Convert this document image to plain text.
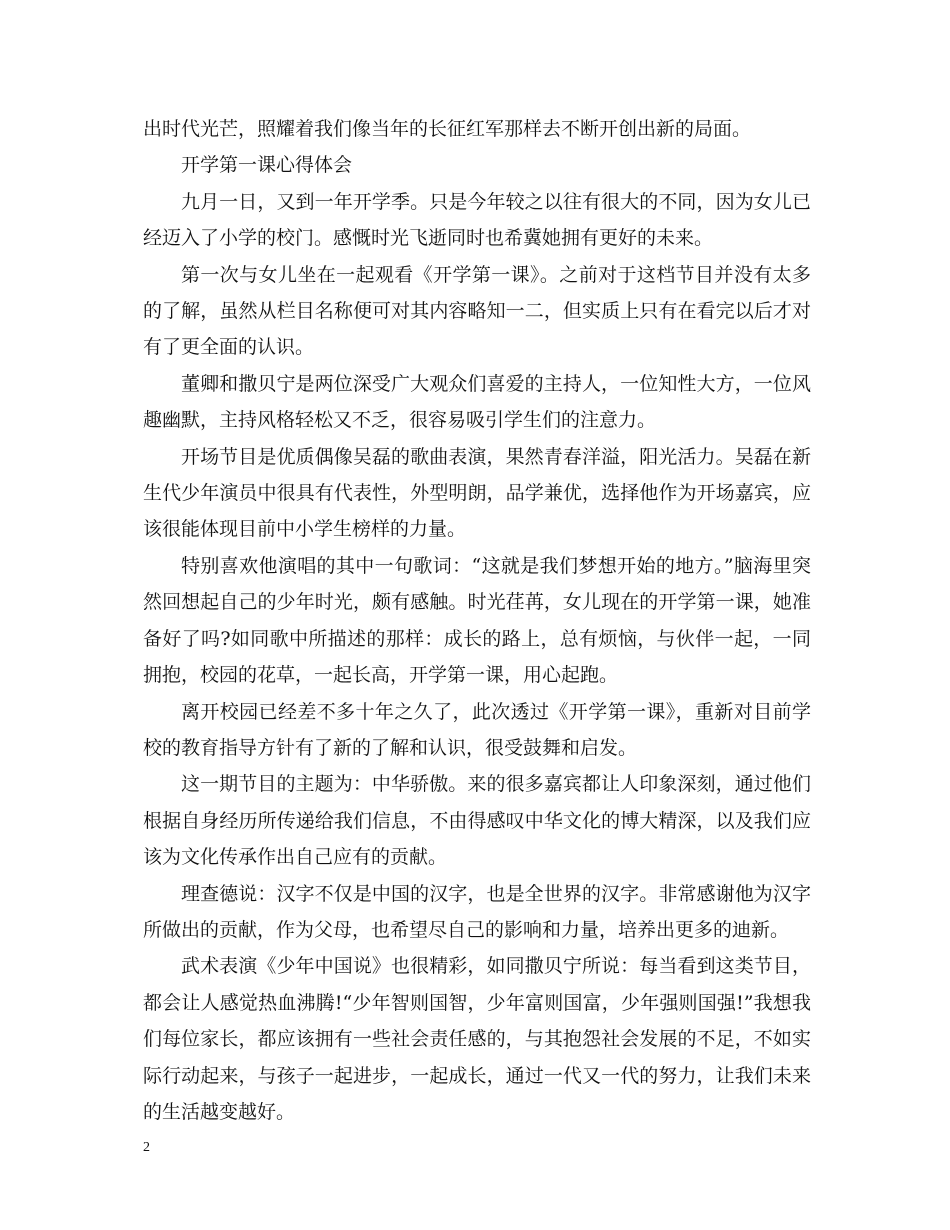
出时代光芒，照耀着我们像当年的长征红军那样去不断开创出新的局面。

开学第一课心得体会

九月一日，又到一年开学季。只是今年较之以往有很大的不同，因为女儿已经迈入了小学的校门。感慨时光飞逝同时也希冀她拥有更好的未来。

第一次与女儿坐在一起观看《开学第一课》。之前对于这档节目并没有太多的了解，虽然从栏目名称便可对其内容略知一二，但实质上只有在看完以后才对有了更全面的认识。

董卿和撒贝宁是两位深受广大观众们喜爱的主持人，一位知性大方，一位风趣幽默，主持风格轻松又不乏，很容易吸引学生们的注意力。

开场节目是优质偶像吴磊的歌曲表演，果然青春洋溢，阳光活力。吴磊在新生代少年演员中很具有代表性，外型明朗，品学兼优，选择他作为开场嘉宾，应该很能体现目前中小学生榜样的力量。

特别喜欢他演唱的其中一句歌词：“这就是我们梦想开始的地方。”脑海里突然回想起自己的少年时光，颇有感触。时光荏苒，女儿现在的开学第一课，她准备好了吗?如同歌中所描述的那样：成长的路上，总有烦恼，与伙伴一起，一同拥抱，校园的花草，一起长高，开学第一课，用心起跑。

离开校园已经差不多十年之久了，此次透过《开学第一课》，重新对目前学校的教育指导方针有了新的了解和认识，很受鼓舞和启发。

这一期节目的主题为：中华骄傲。来的很多嘉宾都让人印象深刻，通过他们根据自身经历所传递给我们信息，不由得感叹中华文化的博大精深，以及我们应该为文化传承作出自己应有的贡献。

理查德说：汉字不仅是中国的汉字，也是全世界的汉字。非常感谢他为汉字所做出的贡献，作为父母，也希望尽自己的影响和力量，培养出更多的迪新。

武术表演《少年中国说》也很精彩，如同撒贝宁所说：每当看到这类节目，都会让人感觉热血沸腾!“少年智则国智，少年富则国富，少年强则国强!”我想我们每位家长，都应该拥有一些社会责任感的，与其抱怨社会发展的不足，不如实际行动起来，与孩子一起进步，一起成长，通过一代又一代的努力，让我们未来的生活越变越好。

2
